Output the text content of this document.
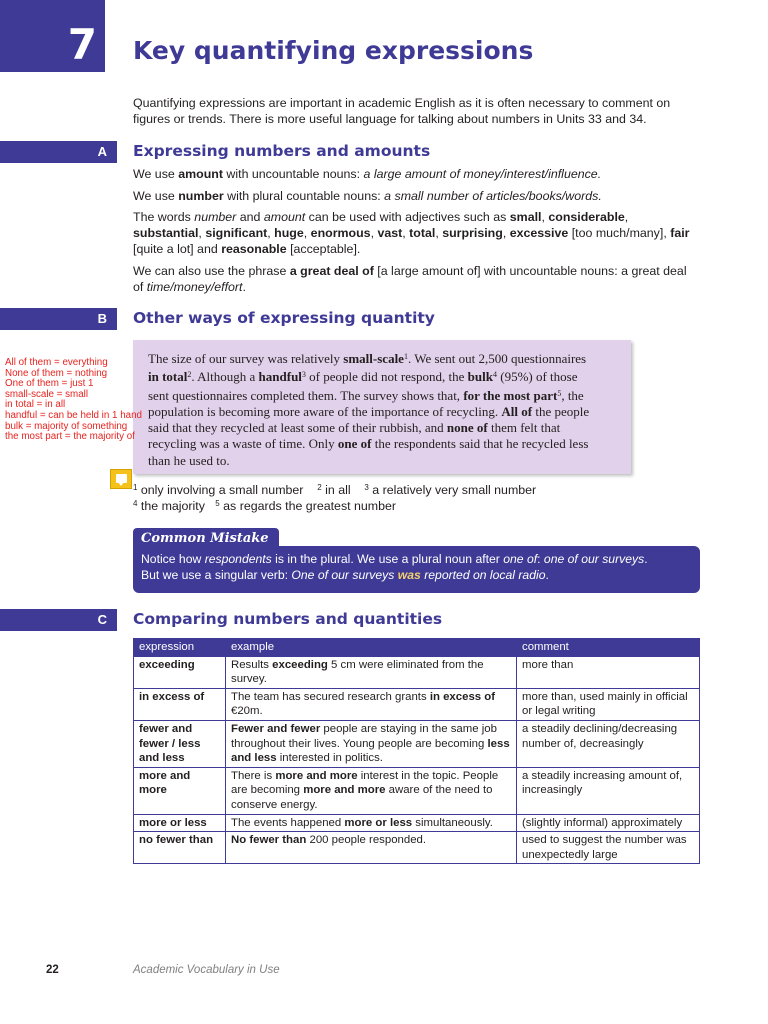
7	Key quantifying expressions
Quantifying expressions are important in academic English as it is often necessary to comment on
figures or trends. There is more useful language for talking about numbers in Units 33 and 34.
A	Expressing numbers and amounts
We use amount with uncountable nouns: a large amount of money/interest/influence.
We use number with plural countable nouns: a small number of articles/books/words.
The words number and amount can be used with adjectives such as small, considerable,
substantial, significant, huge, enormous, vast, total, surprising, excessive [too much/many], fair
[quite a lot] and reasonable [acceptable].
We can also use the phrase a great deal of [a large amount of] with uncountable nouns: a great deal
of time/money/effort.
B	Other ways of expressing quantity
The size of our survey was relatively small-scale$^1$. We sent out 2,500 questionnaires
in total$^2$. Although a handful$^3$ of people did not respond, the bulk$^4$ (95%) of those
sent questionnaires completed them. The survey shows that, for the most part$^5$, the
population is becoming more aware of the importance of recycling. All of the people
said that they recycled at least some of their rubbish, and none of them felt that
recycling was a waste of time. Only one of the respondents said that he recycled less
than he used to.
All of them = everything
None of them = nothing
One of them = just 1
small-scale = small
in total = in all
handful = can be held in 1 hand
bulk = majority of something
the most part = the majority of
$^1$ only involving a small number $^2$ in all $^3$ a relatively very small number
$^4$ the majority $^5$ as regards the greatest number
Common Mistake
Notice how respondents is in the plural. We use a plural noun after one of: one of our surveys.
But we use a singular verb: One of our surveys was reported on local radio.
C	Comparing numbers and quantities
expression	example	comment
exceeding	Results exceeding 5 cm were eliminated from the survey.	more than
in excess of	The team has secured research grants in excess of €20m.	more than, used mainly in official or legal writing
fewer and fewer / less and less	Fewer and fewer people are staying in the same job throughout their lives. Young people are becoming less and less interested in politics.	a steadily declining/decreasing number of, decreasingly
more and more	There is more and more interest in the topic. People are becoming more and more aware of the need to conserve energy.	a steadily increasing amount of, increasingly
more or less	The events happened more or less simultaneously.	(slightly informal) approximately
no fewer than	No fewer than 200 people responded.	used to suggest the number was unexpectedly large
22	Academic Vocabulary in Use
